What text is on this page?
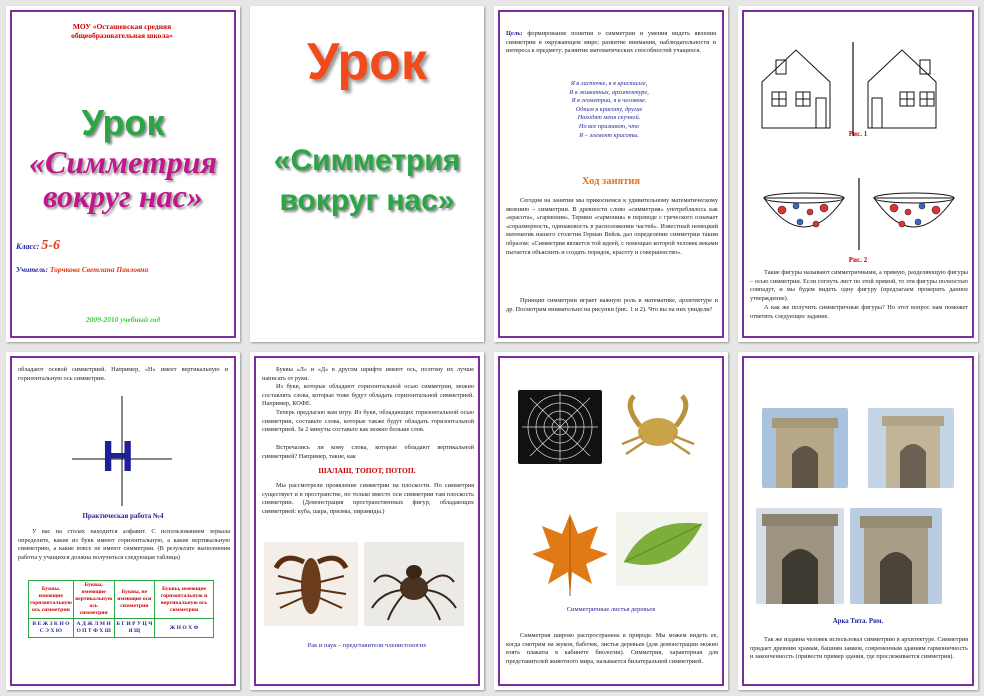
МОУ «Осташевская средняя общеобразовательная школа»
Урок
«Симметрия
вокруг нас»
Класс: 5-6
Учитель: Торчкова Светлана Павловна
2009-2010 учебный год
Урок
«Симметрия
вокруг нас»
Цель: формирование понятия о симметрии и умения видеть явления симметрии в окружающем мире; развитие внимания, наблюдательности и интереса к предмету; развитие математических способностей учащихся.
Я в листочке, я в кристалле,
Я в животных, архитектуре,
Я в геометрии, я в человеке.
Одним я красоту, другие
Находят меня скучной.
Но все признают, что
Я – элемент красоты.
Ход занятия
Сегодня на занятии мы прикоснемся к удивительному математическому явлению – симметрии. В древности слово «симметрия» употреблялось как «красота», «гармония». Термин «гармония» в переводе с греческого означает «соразмерность, одинаковость в расположении частей». Известный немецкий математик нашего столетия Герман Вейль дал определение симметрии таким образом: «Симметрия является той идеей, с помощью которой человек веками пытается объяснить и создать порядок, красоту и совершенство».
Принцип симметрии играет важную роль в математике, архитектуре и др. Посмотрим внимательно на рисунки (рис. 1 и 2). Что вы на них увидели?
Рис. 1
Рис. 2
Такие фигуры называют симметричными, а прямую, разделяющую фигуры – осью симметрии. Если согнуть лист по этой прямой, то эти фигуры полностью совпадут, и мы будем видеть одну фигуру (предлагаем проверить данное утверждение).
А как же получить симметричные фигуры? Но этот вопрос нам поможет ответить следующее задание.
обладают осевой симметрией. Например, «Н» имеет вертикальную и горизонтальную ось симметрии.
Н
Практическая работа №4
У вас на столах находится алфавит. С использованием зеркала определите, какие из букв имеют горизонтальную, а какие вертикальную симметрию, а какие вовсе не имеют симметрии. (В результате выполнения работы у учащихся должна получиться следующая таблица)
Буквы, имеющие горизонтальную ось симметрии	Буквы, имеющие вертикальную ось симметрии	Буквы, не имеющие оси симметрии	Буквы, имеющие горизонтальную и вертикальную ось симметрии
В Е Ж З К Н О С Э Х Ю	А Д Ж Л М Н О П Т Ф Х Ш	Б Г И Р У Ц Ч Я Щ	Ж Н О Х Ф
Буквы «Л» и «Д» в другом шрифте имеют ось, поэтому их лучше написать от руки.
Из букв, которые обладают горизонтальной осью симметрии, можно составлять слова, которые тоже будут обладать горизонтальной симметрией. Например, КОФЕ.
Теперь предлагаю вам игру. Из букв, обладающих горизонтальной осью симметрии, составьте слова, которые также будут обладать горизонтальной симметрией. За 2 минуты составьте как можно больше слов.
Встречались ли кому слова, которые обладают вертикальной симметрией? Например, такие, как
ШАЛАШ, ТОПОТ, ПОТОП.
Мы рассмотрели проявление симметрии на плоскости. Но симметрия существует и в пространстве, но только вместо оси симметрии там плоскость симметрии. (Демонстрация пространственных фигур, обладающих симметрией: куба, шара, призмы, пирамиды.)
Рак и паук – представители членистоногих
Симметричные листья деревьев
Симметрия широко распространена в природе. Мы можем видеть ее, когда смотрим на жуков, бабочек, листья деревьев (для демонстрации можно взять плакаты в кабинете биологии). Симметрия, характерная для представителей животного мира, называется билатеральной симметрией.
Арка Тита. Рим.
Так же издавна человек использовал симметрию в архитектуре. Симметрия придает древним храмам, башням замков, современным зданиям гармоничность и законченность (привести пример здания, где прослеживается симметрия).
